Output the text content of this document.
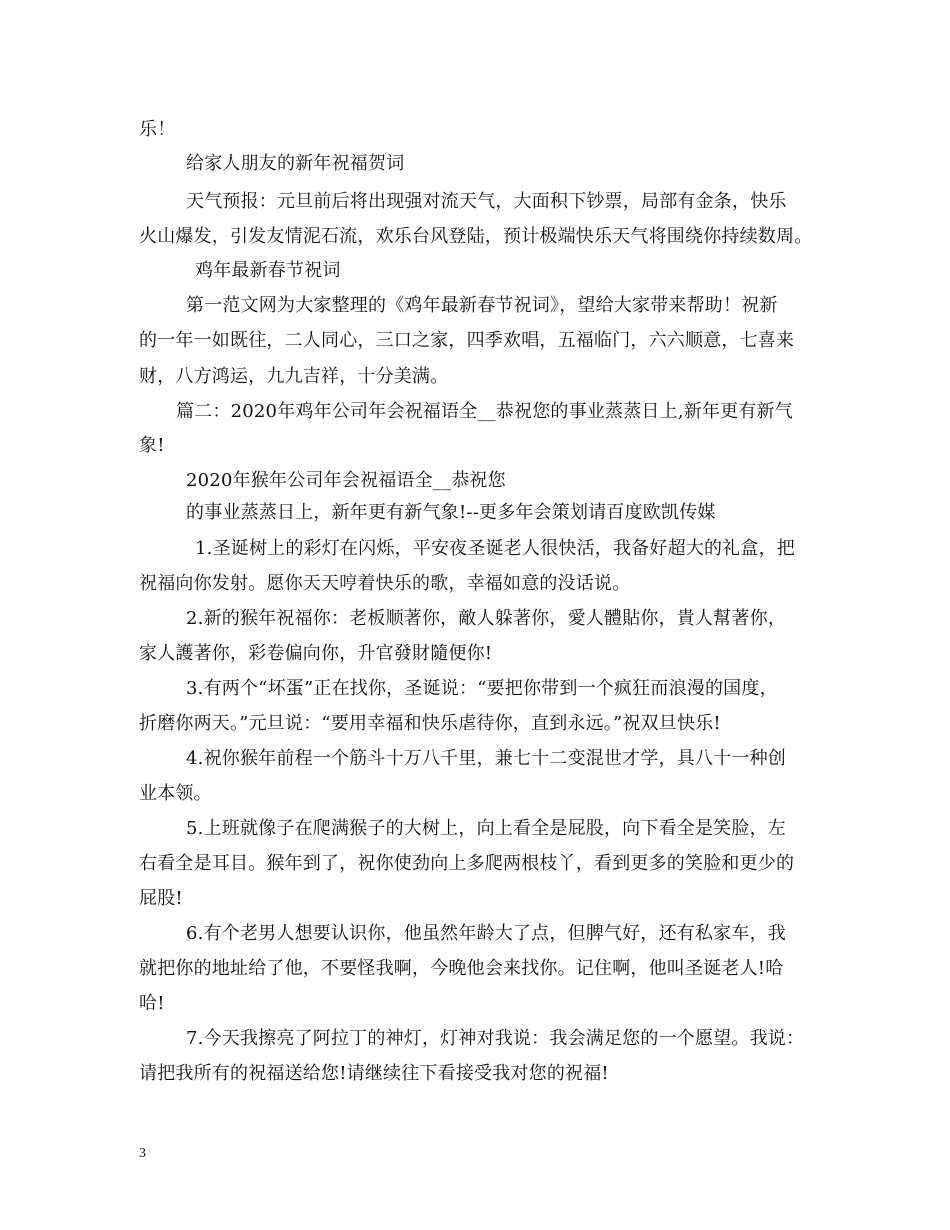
乐！
给家人朋友的新年祝福贺词
天气预报：元旦前后将出现强对流天气，大面积下钞票，局部有金条，快乐
火山爆发，引发友情泥石流，欢乐台风登陆，预计极端快乐天气将围绕你持续数周。
鸡年最新春节祝词
第一范文网为大家整理的《鸡年最新春节祝词》，望给大家带来帮助！祝新
的一年一如既往，二人同心，三口之家，四季欢唱，五福临门，六六顺意，七喜来
财，八方鸿运，九九吉祥，十分美满。
篇二：2020年鸡年公司年会祝福语全__恭祝您的事业蒸蒸日上,新年更有新气
象!
2020年猴年公司年会祝福语全__恭祝您
的事业蒸蒸日上，新年更有新气象!--更多年会策划请百度欧凯传媒
1.圣诞树上的彩灯在闪烁，平安夜圣诞老人很快活，我备好超大的礼盒，把
祝福向你发射。愿你天天哼着快乐的歌，幸福如意的没话说。
2.新的猴年祝福你：老板顺著你，敵人躲著你，愛人體貼你，貴人幫著你，
家人護著你，彩卷偏向你，升官發財隨便你!
3.有两个“坏蛋”正在找你，圣诞说：“要把你带到一个疯狂而浪漫的国度，
折磨你两天。”元旦说：“要用幸福和快乐虐待你，直到永远。”祝双旦快乐!
4.祝你猴年前程一个筋斗十万八千里，兼七十二变混世才学，具八十一种创
业本领。
5.上班就像子在爬满猴子的大树上，向上看全是屁股，向下看全是笑脸，左
右看全是耳目。猴年到了，祝你使劲向上多爬两根枝丫，看到更多的笑脸和更少的
屁股!
6.有个老男人想要认识你，他虽然年龄大了点，但脾气好，还有私家车，我
就把你的地址给了他，不要怪我啊，今晚他会来找你。记住啊，他叫圣诞老人!哈
哈!
7.今天我擦亮了阿拉丁的神灯，灯神对我说：我会满足您的一个愿望。我说：
请把我所有的祝福送给您!请继续往下看接受我对您的祝福!
3
